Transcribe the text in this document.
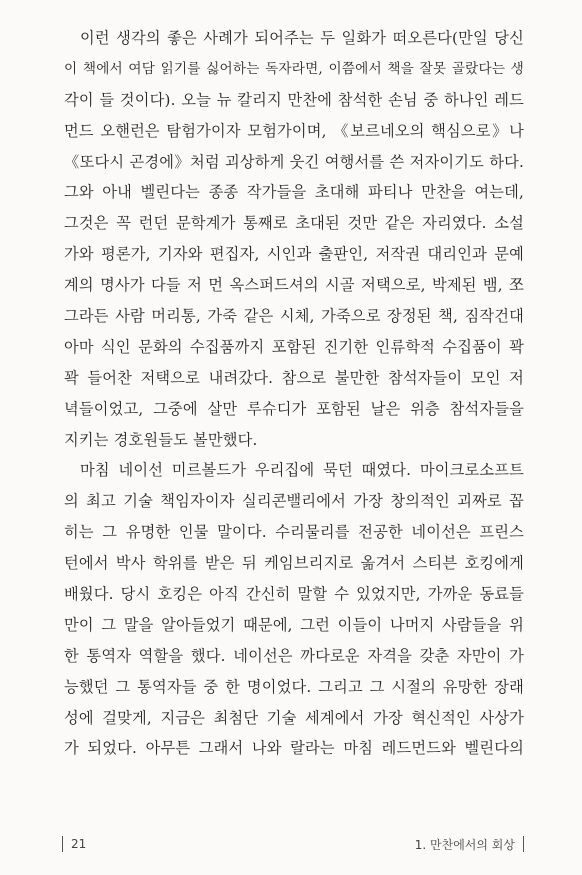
이런 생각의 좋은 사례가 되어주는 두 일화가 떠오른다(만일 당신
이 책에서 여담 읽기를 싫어하는 독자라면, 이쯤에서 책을 잘못 골랐다는 생
각이 들 것이다). 오늘 뉴 칼리지 만찬에 참석한 손님 중 하나인 레드
먼드 오핸런은 탐험가이자 모험가이며, 《보르네오의 핵심으로》나
《또다시 곤경에》처럼 괴상하게 웃긴 여행서를 쓴 저자이기도 하다.
그와 아내 벨린다는 종종 작가들을 초대해 파티나 만찬을 여는데,
그것은 꼭 런던 문학계가 통째로 초대된 것만 같은 자리였다. 소설
가와 평론가, 기자와 편집자, 시인과 출판인, 저작권 대리인과 문예
계의 명사가 다들 저 먼 옥스퍼드셔의 시골 저택으로, 박제된 뱀, 쪼
그라든 사람 머리통, 가죽 같은 시체, 가죽으로 장정된 책, 짐작건대
아마 식인 문화의 수집품까지 포함된 진기한 인류학적 수집품이 꽉
꽉 들어찬 저택으로 내려갔다. 참으로 불만한 참석자들이 모인 저
녁들이었고, 그중에 살만 루슈디가 포함된 날은 위층 참석자들을
지키는 경호원들도 볼만했다.
마침 네이선 미르볼드가 우리집에 묵던 때였다. 마이크로소프트
의 최고 기술 책임자이자 실리콘밸리에서 가장 창의적인 괴짜로 꼽
히는 그 유명한 인물 말이다. 수리물리를 전공한 네이선은 프린스
턴에서 박사 학위를 받은 뒤 케임브리지로 옮겨서 스티븐 호킹에게
배웠다. 당시 호킹은 아직 간신히 말할 수 있었지만, 가까운 동료들
만이 그 말을 알아들었기 때문에, 그런 이들이 나머지 사람들을 위
한 통역자 역할을 했다. 네이선은 까다로운 자격을 갖춘 자만이 가
능했던 그 통역자들 중 한 명이었다. 그리고 그 시절의 유망한 장래
성에 걸맞게, 지금은 최첨단 기술 세계에서 가장 혁신적인 사상가
가 되었다. 아무튼 그래서 나와 랄라는 마침 레드먼드와 벨린다의
21	1. 만찬에서의 회상
